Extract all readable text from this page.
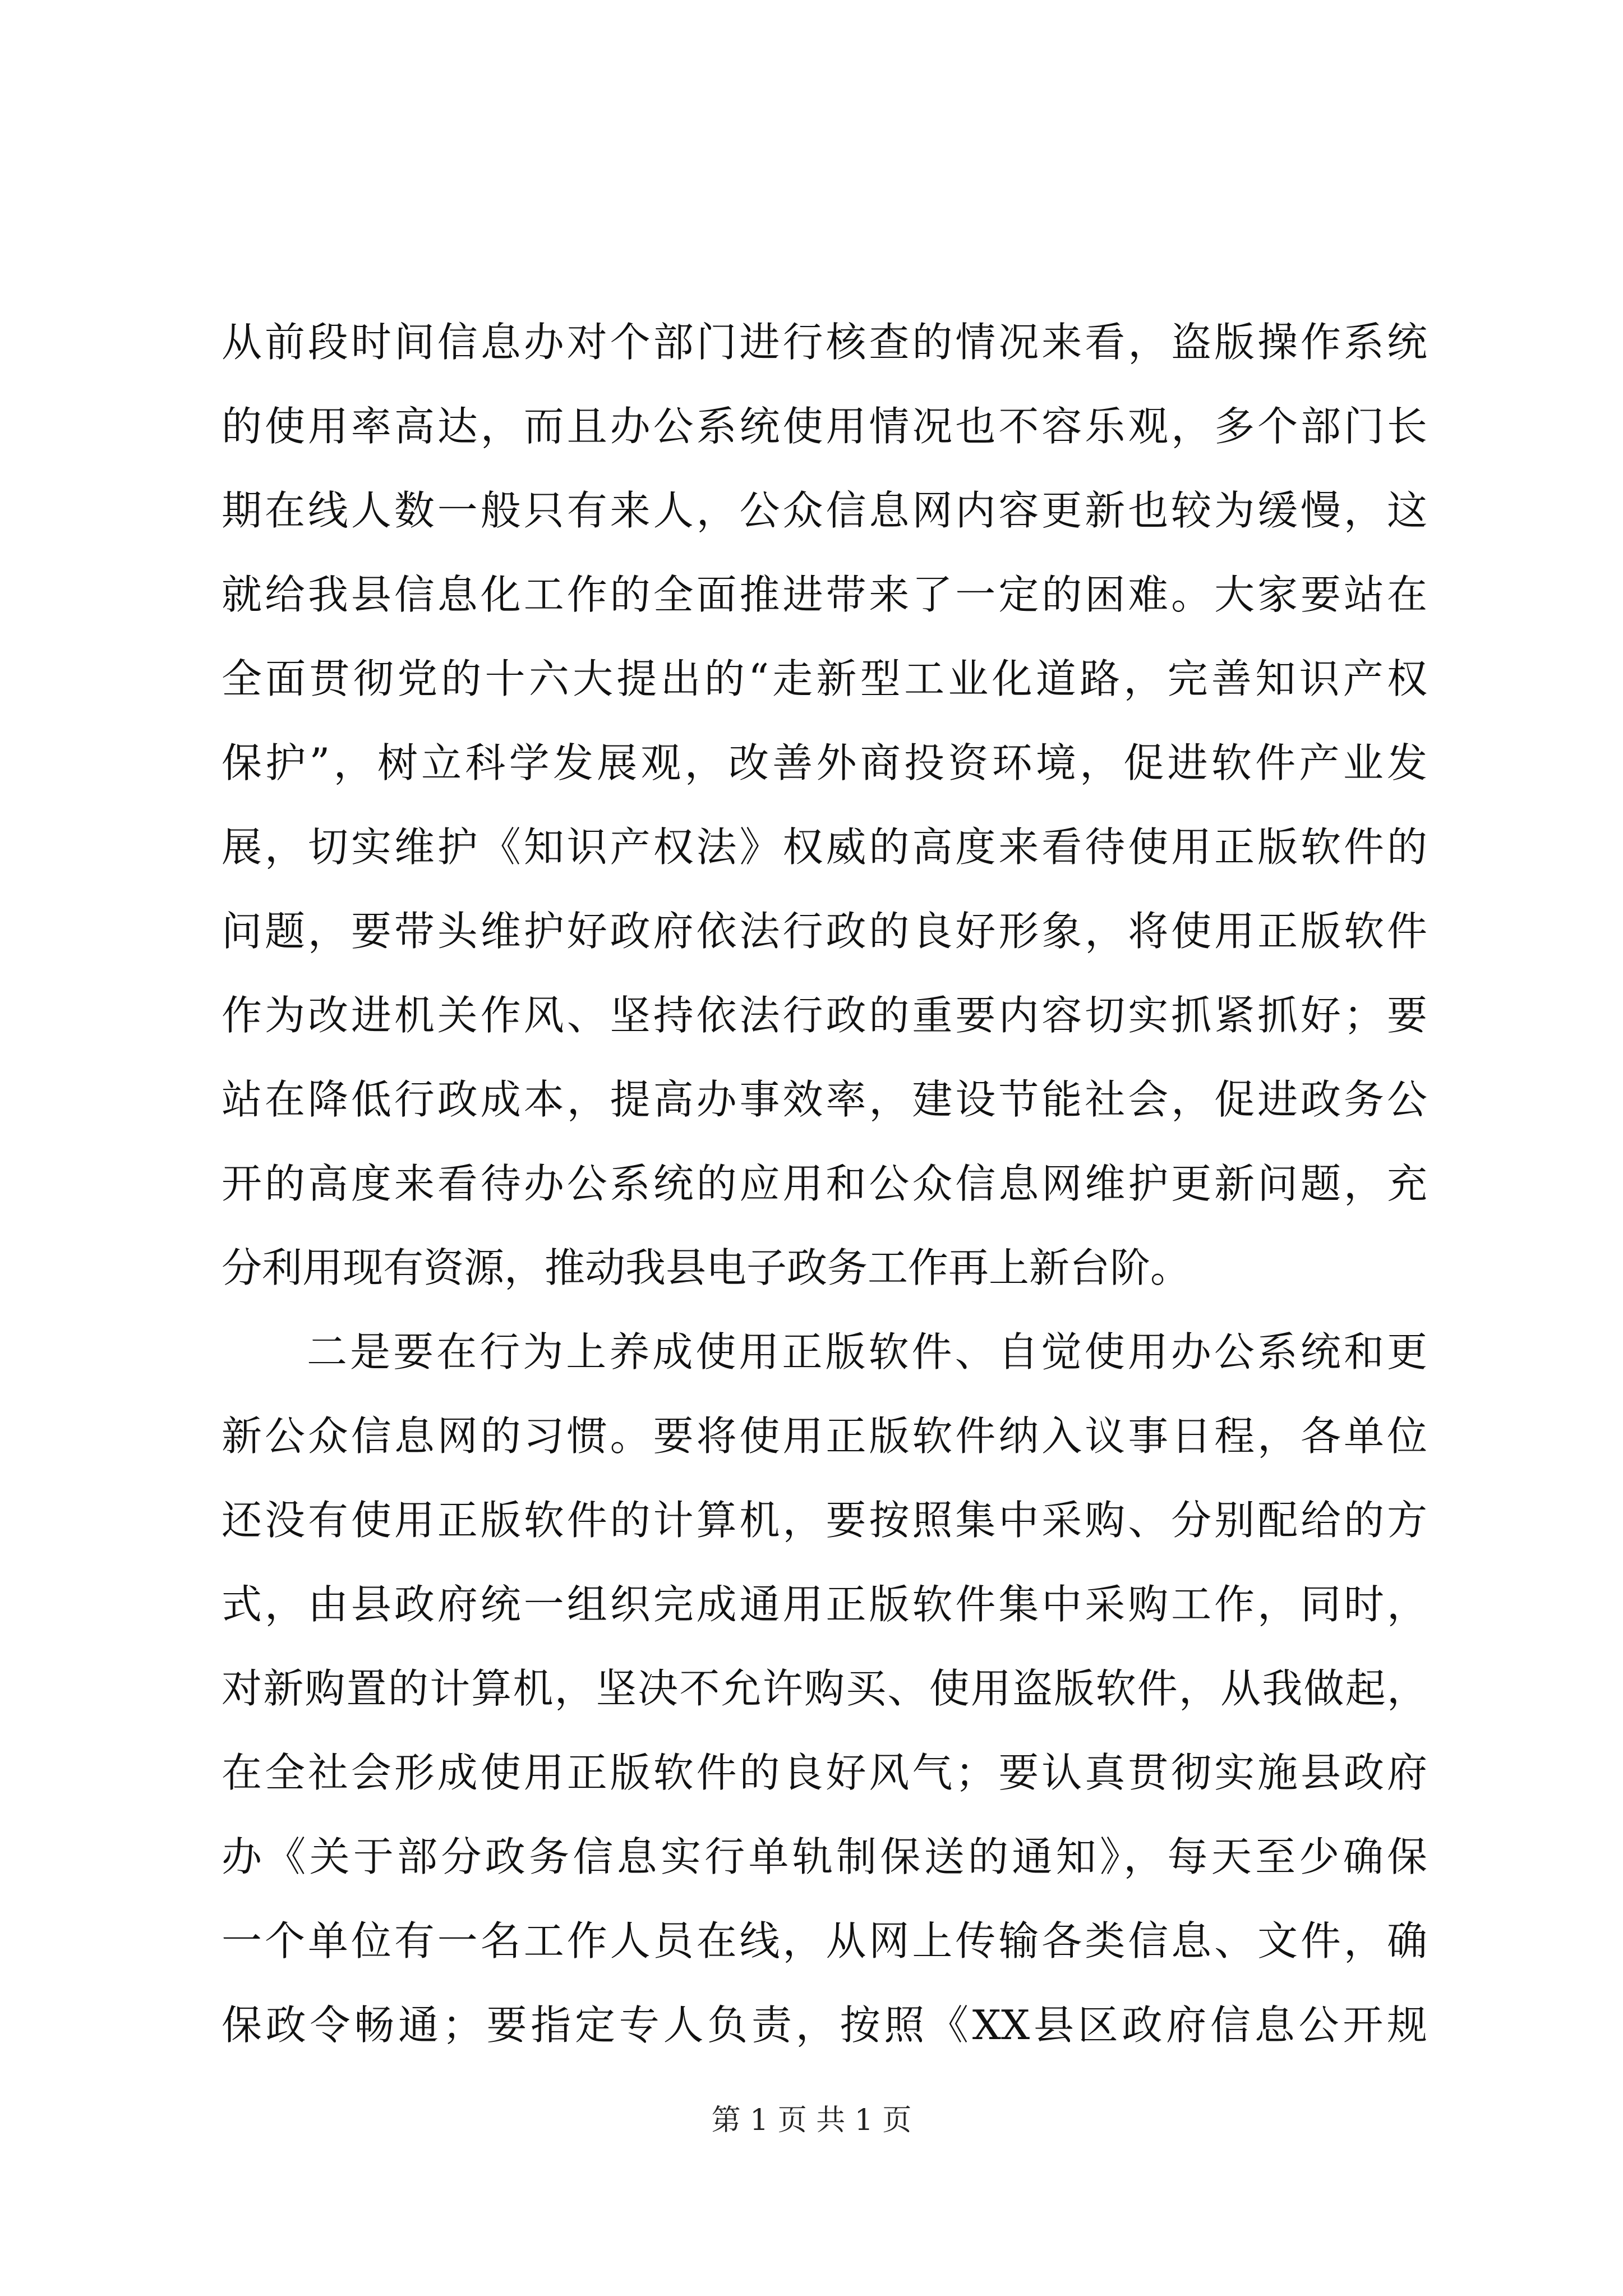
从前段时间信息办对个部门进行核查的情况来看，盗版操作系统
的使用率高达，而且办公系统使用情况也不容乐观，多个部门长
期在线人数一般只有来人，公众信息网内容更新也较为缓慢，这
就给我县信息化工作的全面推进带来了一定的困难。大家要站在
全面贯彻党的十六大提出的“走新型工业化道路，完善知识产权
保护”，树立科学发展观，改善外商投资环境，促进软件产业发
展，切实维护《知识产权法》权威的高度来看待使用正版软件的
问题，要带头维护好政府依法行政的良好形象，将使用正版软件
作为改进机关作风、坚持依法行政的重要内容切实抓紧抓好；要
站在降低行政成本，提高办事效率，建设节能社会，促进政务公
开的高度来看待办公系统的应用和公众信息网维护更新问题，充
分利用现有资源，推动我县电子政务工作再上新台阶。
二是要在行为上养成使用正版软件、自觉使用办公系统和更
新公众信息网的习惯。要将使用正版软件纳入议事日程，各单位
还没有使用正版软件的计算机，要按照集中采购、分别配给的方
式，由县政府统一组织完成通用正版软件集中采购工作，同时，
对新购置的计算机，坚决不允许购买、使用盗版软件，从我做起，
在全社会形成使用正版软件的良好风气；要认真贯彻实施县政府
办《关于部分政务信息实行单轨制保送的通知》，每天至少确保
一个单位有一名工作人员在线，从网上传输各类信息、文件，确
保政令畅通；要指定专人负责，按照《XX县区政府信息公开规
第 1 页 共 1 页
